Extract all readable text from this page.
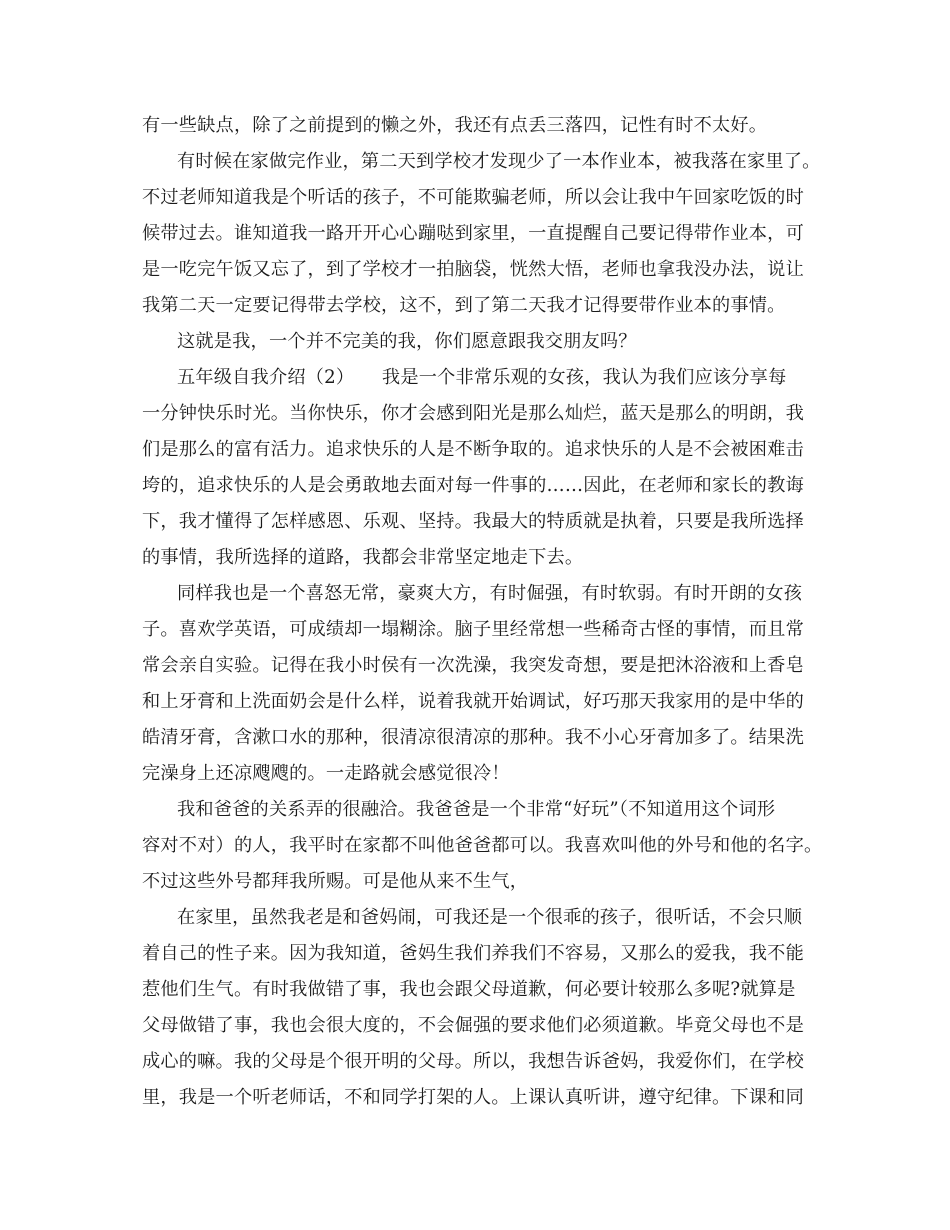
有一些缺点，除了之前提到的懒之外，我还有点丢三落四，记性有时不太好。
有时候在家做完作业，第二天到学校才发现少了一本作业本，被我落在家里了。
不过老师知道我是个听话的孩子，不可能欺骗老师，所以会让我中午回家吃饭的时
候带过去。谁知道我一路开开心心蹦哒到家里，一直提醒自己要记得带作业本，可
是一吃完午饭又忘了，到了学校才一拍脑袋，恍然大悟，老师也拿我没办法，说让
我第二天一定要记得带去学校，这不，到了第二天我才记得要带作业本的事情。
这就是我，一个并不完美的我，你们愿意跟我交朋友吗？
五年级自我介绍（2）　　我是一个非常乐观的女孩，我认为我们应该分享每
一分钟快乐时光。当你快乐，你才会感到阳光是那么灿烂，蓝天是那么的明朗，我
们是那么的富有活力。追求快乐的人是不断争取的。追求快乐的人是不会被困难击
垮的，追求快乐的人是会勇敢地去面对每一件事的……因此，在老师和家长的教诲
下，我才懂得了怎样感恩、乐观、坚持。我最大的特质就是执着，只要是我所选择
的事情，我所选择的道路，我都会非常坚定地走下去。
同样我也是一个喜怒无常，豪爽大方，有时倔强，有时软弱。有时开朗的女孩
子。喜欢学英语，可成绩却一塌糊涂。脑子里经常想一些稀奇古怪的事情，而且常
常会亲自实验。记得在我小时侯有一次洗澡，我突发奇想，要是把沐浴液和上香皂
和上牙膏和上洗面奶会是什么样，说着我就开始调试，好巧那天我家用的是中华的
皓清牙膏，含漱口水的那种，很清凉很清凉的那种。我不小心牙膏加多了。结果洗
完澡身上还凉飕飕的。一走路就会感觉很冷！
我和爸爸的关系弄的很融洽。我爸爸是一个非常“好玩”（不知道用这个词形
容对不对）的人，我平时在家都不叫他爸爸都可以。我喜欢叫他的外号和他的名字。
不过这些外号都拜我所赐。可是他从来不生气，
在家里，虽然我老是和爸妈闹，可我还是一个很乖的孩子，很听话，不会只顺
着自己的性子来。因为我知道，爸妈生我们养我们不容易，又那么的爱我，我不能
惹他们生气。有时我做错了事，我也会跟父母道歉，何必要计较那么多呢?就算是
父母做错了事，我也会很大度的，不会倔强的要求他们必须道歉。毕竟父母也不是
成心的嘛。我的父母是个很开明的父母。所以，我想告诉爸妈，我爱你们，在学校
里，我是一个听老师话，不和同学打架的人。上课认真听讲，遵守纪律。下课和同
